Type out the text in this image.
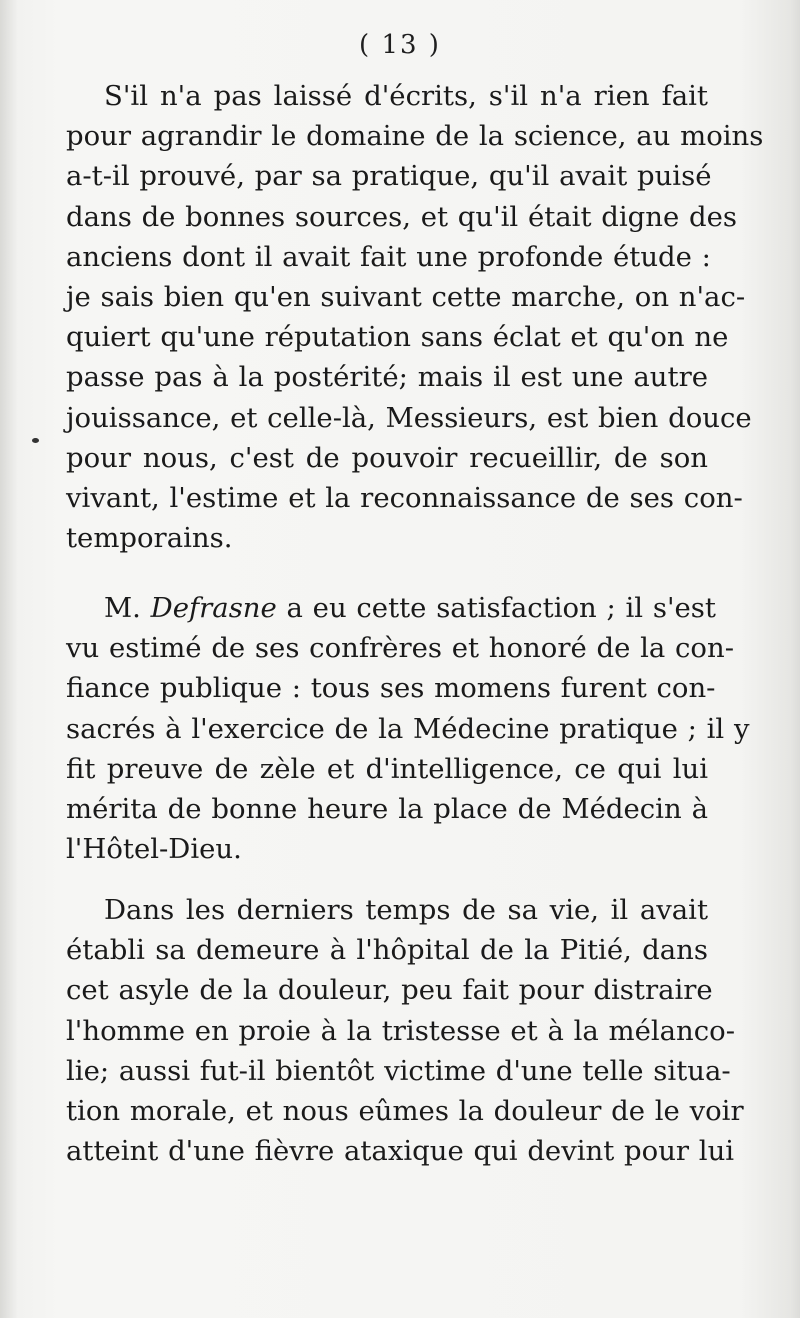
( 13 )
S'il n'a pas laissé d'écrits, s'il n'a rien fait
pour agrandir le domaine de la science, au moins
a-t-il prouvé, par sa pratique, qu'il avait puisé
dans de bonnes sources, et qu'il était digne des
anciens dont il avait fait une profonde étude :
je sais bien qu'en suivant cette marche, on n'ac-
quiert qu'une réputation sans éclat et qu'on ne
passe pas à la postérité; mais il est une autre
jouissance, et celle-là, Messieurs, est bien douce
pour nous, c'est de pouvoir recueillir, de son
vivant, l'estime et la reconnaissance de ses con-
temporains.
M. Defrasne a eu cette satisfaction ; il s'est
vu estimé de ses confrères et honoré de la con-
fiance publique : tous ses momens furent con-
sacrés à l'exercice de la Médecine pratique ; il y
fit preuve de zèle et d'intelligence, ce qui lui
mérita de bonne heure la place de Médecin à
l'Hôtel-Dieu.
Dans les derniers temps de sa vie, il avait
établi sa demeure à l'hôpital de la Pitié, dans
cet asyle de la douleur, peu fait pour distraire
l'homme en proie à la tristesse et à la mélanco-
lie; aussi fut-il bientôt victime d'une telle situa-
tion morale, et nous eûmes la douleur de le voir
atteint d'une fièvre ataxique qui devint pour lui
